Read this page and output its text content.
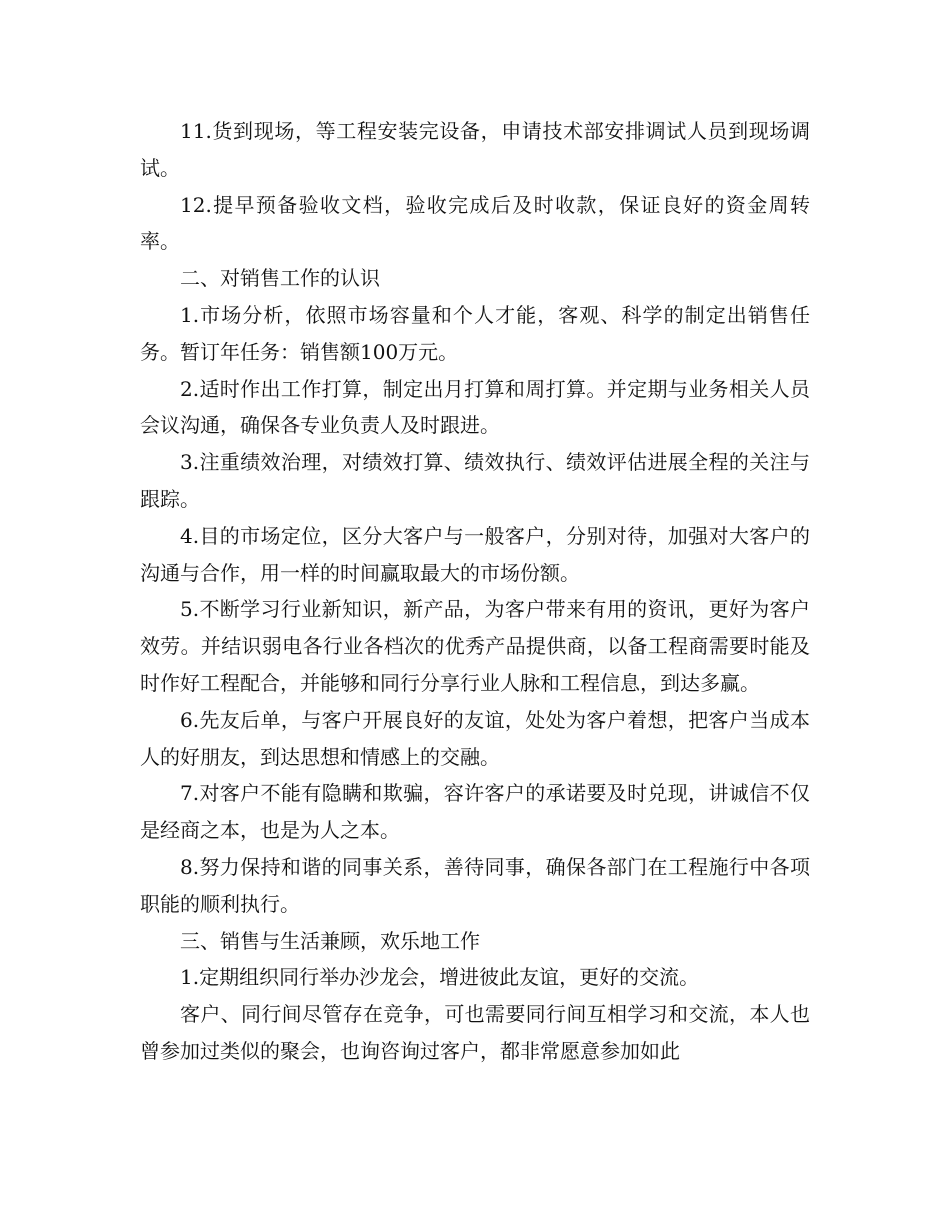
11.货到现场，等工程安装完设备，申请技术部安排调试人员到现场调试。

12.提早预备验收文档，验收完成后及时收款，保证良好的资金周转率。

二、对销售工作的认识

1.市场分析，依照市场容量和个人才能，客观、科学的制定出销售任务。暂订年任务：销售额100万元。

2.适时作出工作打算，制定出月打算和周打算。并定期与业务相关人员会议沟通，确保各专业负责人及时跟进。

3.注重绩效治理，对绩效打算、绩效执行、绩效评估进展全程的关注与跟踪。

4.目的市场定位，区分大客户与一般客户，分别对待，加强对大客户的沟通与合作，用一样的时间赢取最大的市场份额。

5.不断学习行业新知识，新产品，为客户带来有用的资讯，更好为客户效劳。并结识弱电各行业各档次的优秀产品提供商，以备工程商需要时能及时作好工程配合，并能够和同行分享行业人脉和工程信息，到达多赢。

6.先友后单，与客户开展良好的友谊，处处为客户着想，把客户当成本人的好朋友，到达思想和情感上的交融。

7.对客户不能有隐瞒和欺骗，容许客户的承诺要及时兑现，讲诚信不仅是经商之本，也是为人之本。

8.努力保持和谐的同事关系，善待同事，确保各部门在工程施行中各项职能的顺利执行。

三、销售与生活兼顾，欢乐地工作

1.定期组织同行举办沙龙会，增进彼此友谊，更好的交流。

客户、同行间尽管存在竞争，可也需要同行间互相学习和交流，本人也曾参加过类似的聚会，也询咨询过客户，都非常愿意参加如此
